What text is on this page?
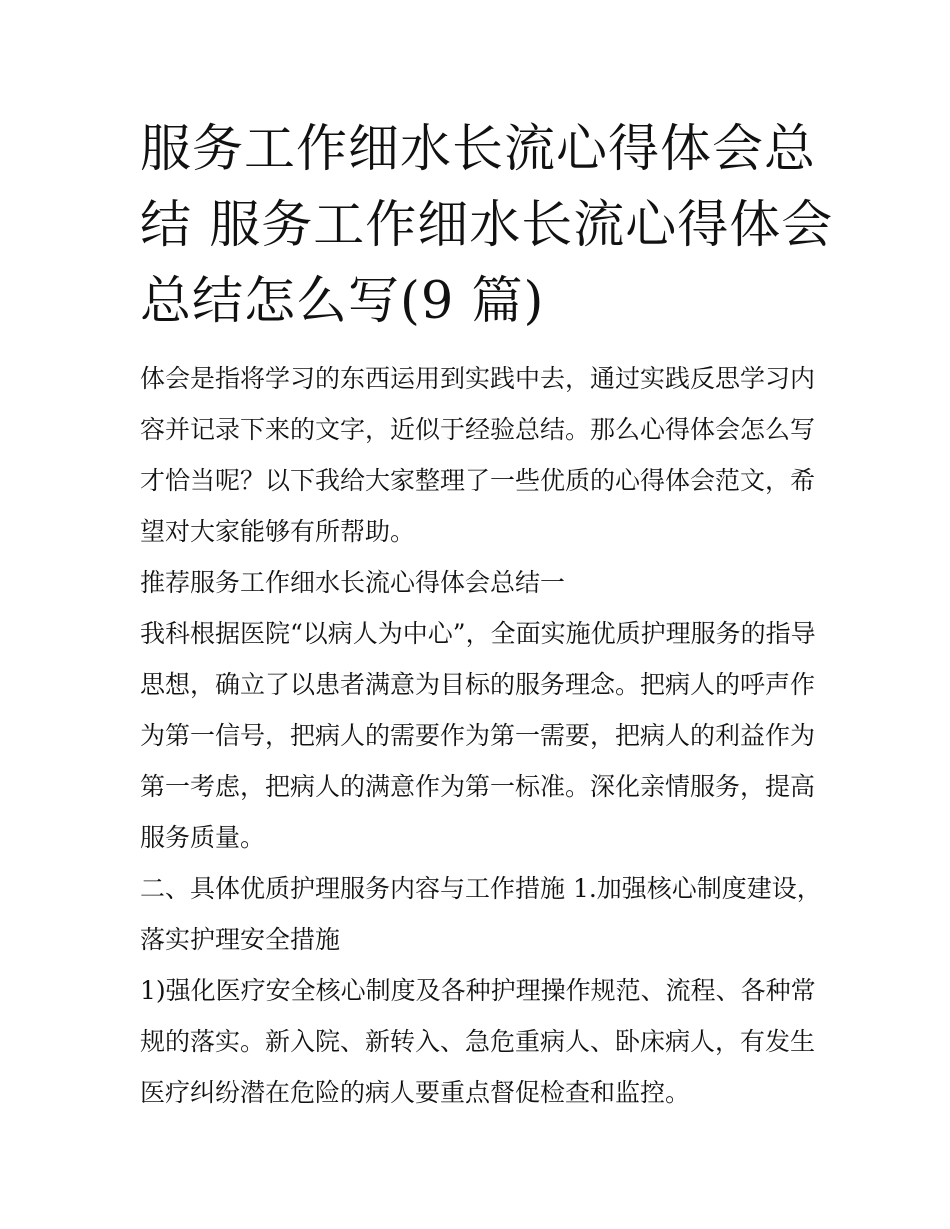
服务工作细水长流心得体会总
结 服务工作细水长流心得体会
总结怎么写(9 篇)

体会是指将学习的东西运用到实践中去，通过实践反思学习内
容并记录下来的文字，近似于经验总结。那么心得体会怎么写
才恰当呢？以下我给大家整理了一些优质的心得体会范文，希
望对大家能够有所帮助。

推荐服务工作细水长流心得体会总结一

我科根据医院“以病人为中心”，全面实施优质护理服务的指导
思想，确立了以患者满意为目标的服务理念。把病人的呼声作
为第一信号，把病人的需要作为第一需要，把病人的利益作为
第一考虑，把病人的满意作为第一标准。深化亲情服务，提高
服务质量。

二、具体优质护理服务内容与工作措施 1.加强核心制度建设，
落实护理安全措施

1)强化医疗安全核心制度及各种护理操作规范、流程、各种常
规的落实。新入院、新转入、急危重病人、卧床病人，有发生
医疗纠纷潜在危险的病人要重点督促检查和监控。
